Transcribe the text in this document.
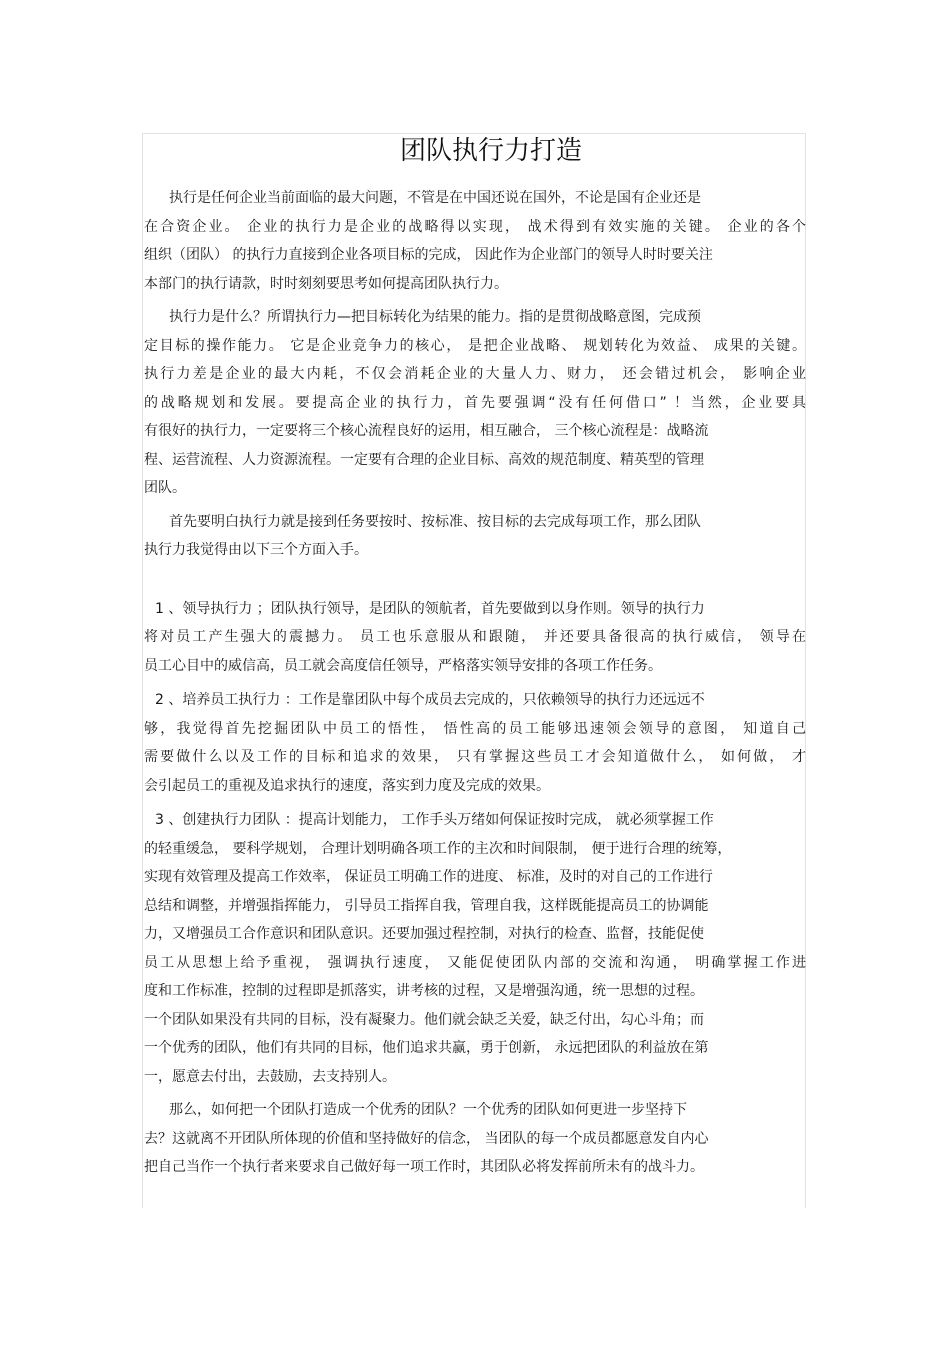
团队执行力打造
执行是任何企业当前面临的最大问题，不管是在中国还说在国外，不论是国有企业还是
在合资企业。 企业的执行力是企业的战略得以实现， 战术得到有效实施的关键。 企业的各个
组织（团队） 的执行力直接到企业各项目标的完成， 因此作为企业部门的领导人时时要关注
本部门的执行请款，时时刻刻要思考如何提高团队执行力。
执行力是什么？所谓执行力—把目标转化为结果的能力。指的是贯彻战略意图，完成预
定目标的操作能力。 它是企业竞争力的核心， 是把企业战略、 规划转化为效益、 成果的关键。
执行力差是企业的最大内耗，不仅会消耗企业的大量人力、财力， 还会错过机会， 影响企业
的战略规划和发展。要提高企业的执行力，首先要强调“没有任何借口” ！当然，企业要具
有很好的执行力，一定要将三个核心流程良好的运用，相互融合， 三个核心流程是：战略流
程、运营流程、人力资源流程。一定要有合理的企业目标、高效的规范制度、精英型的管理
团队。
首先要明白执行力就是接到任务要按时、按标准、按目标的去完成每项工作，那么团队
执行力我觉得由以下三个方面入手。
1 、领导执行力 ；团队执行领导，是团队的领航者，首先要做到以身作则。领导的执行力
将对员工产生强大的震撼力。 员工也乐意服从和跟随， 并还要具备很高的执行威信， 领导在
员工心目中的威信高，员工就会高度信任领导，严格落实领导安排的各项工作任务。
2 、培养员工执行力 ：工作是靠团队中每个成员去完成的，只依赖领导的执行力还远远不
够，我觉得首先挖掘团队中员工的悟性， 悟性高的员工能够迅速领会领导的意图， 知道自己
需要做什么以及工作的目标和追求的效果， 只有掌握这些员工才会知道做什么， 如何做， 才
会引起员工的重视及追求执行的速度，落实到力度及完成的效果。
3 、创建执行力团队 ：提高计划能力， 工作手头万绪如何保证按时完成， 就必须掌握工作
的轻重缓急， 要科学规划， 合理计划明确各项工作的主次和时间限制， 便于进行合理的统筹，
实现有效管理及提高工作效率， 保证员工明确工作的进度、 标准，及时的对自己的工作进行
总结和调整，并增强指挥能力， 引导员工指挥自我，管理自我，这样既能提高员工的协调能
力，又增强员工合作意识和团队意识。还要加强过程控制，对执行的检查、监督，技能促使
员工从思想上给予重视， 强调执行速度， 又能促使团队内部的交流和沟通， 明确掌握工作进
度和工作标准，控制的过程即是抓落实，讲考核的过程，又是增强沟通，统一思想的过程。
一个团队如果没有共同的目标，没有凝聚力。他们就会缺乏关爱，缺乏付出，勾心斗角；而
一个优秀的团队，他们有共同的目标，他们追求共赢，勇于创新， 永远把团队的利益放在第
一，愿意去付出，去鼓励，去支持别人。
那么，如何把一个团队打造成一个优秀的团队？一个优秀的团队如何更进一步坚持下
去？这就离不开团队所体现的价值和坚持做好的信念， 当团队的每一个成员都愿意发自内心
把自己当作一个执行者来要求自己做好每一项工作时，其团队必将发挥前所未有的战斗力。
